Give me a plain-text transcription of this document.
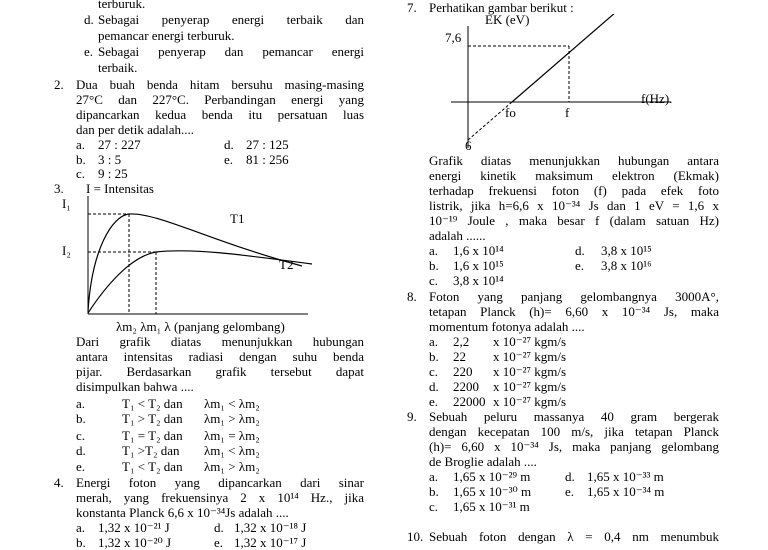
terburuk.
d. Sebagai penyerap energi terbaik dan
pemancar energi terburuk.
e. Sebagai penyerap dan pemancar energi
terbaik.
2. Dua buah benda hitam bersuhu masing-masing
27°C dan 227°C. Perbandingan energi yang
dipancarkan kedua benda itu persatuan luas
dan per detik adalah....
a. 27 : 227
b. 3 : 5
c. 9 : 25
d. 27 : 125
e. 81 : 256
3. I = Intensitas
I₁
I₂
T1
T2
λm₂ λm₁ λ (panjang gelombang)
Dari grafik diatas menunjukkan hubungan
antara intensitas radiasi dengan suhu benda
pijar. Berdasarkan grafik tersebut dapat
disimpulkan bahwa ....
a.	T₁ < T₂ dan λm₁ < λm₂
b.	T₁ > T₂ dan λm₁ > λm₂
c.	T₁ = T₂ dan λm₁ = λm₂
d.	T₁ >T₂ dan λm₁ < λm₂
e.	T₁ < T₂ dan λm₁ > λm₂
4. Energi foton yang dipancarkan dari sinar
merah, yang frekuensinya 2 x 10¹⁴ Hz., jika
konstanta Planck 6,6 x 10⁻³⁴Js adalah ....
a. 1,32 x 10⁻²¹ J
b. 1,32 x 10⁻²⁰ J
d. 1,32 x 10⁻¹⁸ J
e. 1,32 x 10⁻¹⁷ J
7. Perhatikan gambar berikut :
EK (eV)
7,6
f(Hz).
fo	f
6
Grafik diatas menunjukkan hubungan antara
energi kinetik maksimum elektron (Ekmak)
terhadap frekuensi foton (f) pada efek foto
listrik, jika h=6,6 x 10⁻³⁴ Js dan 1 eV = 1,6 x
10⁻¹⁹ Joule , maka besar f (dalam satuan Hz)
adalah ......
a. 1,6 x 10¹⁴
b. 1,6 x 10¹⁵
c. 3,8 x 10¹⁴
d. 3,8 x 10¹⁵
e. 3,8 x 10¹⁶
8. Foton yang panjang gelombangnya 3000A°,
tetapan Planck (h)= 6,60 x 10⁻³⁴ Js, maka
momentum fotonya adalah ....
a. 2,2 x 10⁻²⁷ kgm/s
b. 22 x 10⁻²⁷ kgm/s
c. 220 x 10⁻²⁷ kgm/s
d. 2200 x 10⁻²⁷ kgm/s
e. 22000 x 10⁻²⁷ kgm/s
9. Sebuah peluru massanya 40 gram bergerak
dengan kecepatan 100 m/s, jika tetapan Planck
(h)= 6,60 x 10⁻³⁴ Js, maka panjang gelombang
de Broglie adalah ....
a. 1,65 x 10⁻²⁹ m
b. 1,65 x 10⁻³⁰ m
c. 1,65 x 10⁻³¹ m
d. 1,65 x 10⁻³³ m
e. 1,65 x 10⁻³⁴ m
10. Sebuah foton dengan λ = 0,4 nm menumbuk
